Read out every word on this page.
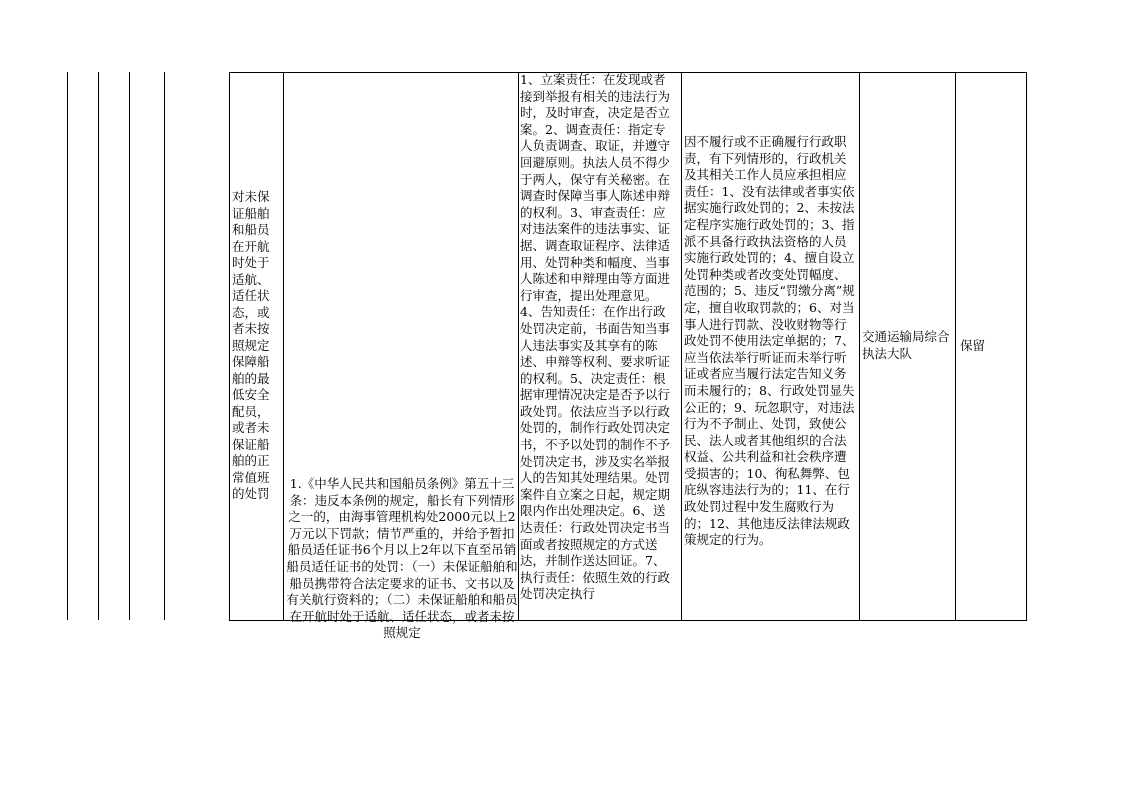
对未保证船舶和船员在开航时处于适航、适任状态，或者未按照规定保障船舶的最低安全配员，或者未保证船舶的正常值班的处罚
1.《中华人民共和国船员条例》第五十三条：违反本条例的规定，船长有下列情形之一的，由海事管理机构处2000元以上2万元以下罚款；情节严重的，并给予暂扣船员适任证书6个月以上2年以下直至吊销船员适任证书的处罚：（一）未保证船舶和船员携带符合法定要求的证书、文书以及有关航行资料的；（二）未保证船舶和船员在开航时处于适航、适任状态，或者未按照规定
1、立案责任：在发现或者接到举报有相关的违法行为时，及时审查，决定是否立案。2、调查责任：指定专人负责调查、取证，并遵守回避原则。执法人员不得少于两人，保守有关秘密。在调查时保障当事人陈述申辩的权利。3、审查责任：应对违法案件的违法事实、证据、调查取证程序、法律适用、处罚种类和幅度、当事人陈述和申辩理由等方面进行审查，提出处理意见。4、告知责任：在作出行政处罚决定前，书面告知当事人违法事实及其享有的陈述、申辩等权利、要求听证的权利。5、决定责任：根据审理情况决定是否予以行政处罚。依法应当予以行政处罚的，制作行政处罚决定书，不予以处罚的制作不予处罚决定书，涉及实名举报人的告知其处理结果。处罚案件自立案之日起，规定期限内作出处理决定。6、送达责任：行政处罚决定书当面或者按照规定的方式送达，并制作送达回证。7、执行责任：依照生效的行政处罚决定执行
因不履行或不正确履行行政职责，有下列情形的，行政机关及其相关工作人员应承担相应责任：1、没有法律或者事实依据实施行政处罚的；2、未按法定程序实施行政处罚的；3、指派不具备行政执法资格的人员实施行政处罚的；4、擅自设立处罚种类或者改变处罚幅度、范围的；5、违反“罚缴分离”规定，擅自收取罚款的；6、对当事人进行罚款、没收财物等行政处罚不使用法定单据的；7、应当依法举行听证而未举行听证或者应当履行法定告知义务而未履行的；8、行政处罚显失公正的；9、玩忽职守，对违法行为不予制止、处罚，致使公民、法人或者其他组织的合法权益、公共利益和社会秩序遭受损害的；10、徇私舞弊、包庇纵容违法行为的；11、在行政处罚过程中发生腐败行为的；12、其他违反法律法规政策规定的行为。
交通运输局综合执法大队
保留
